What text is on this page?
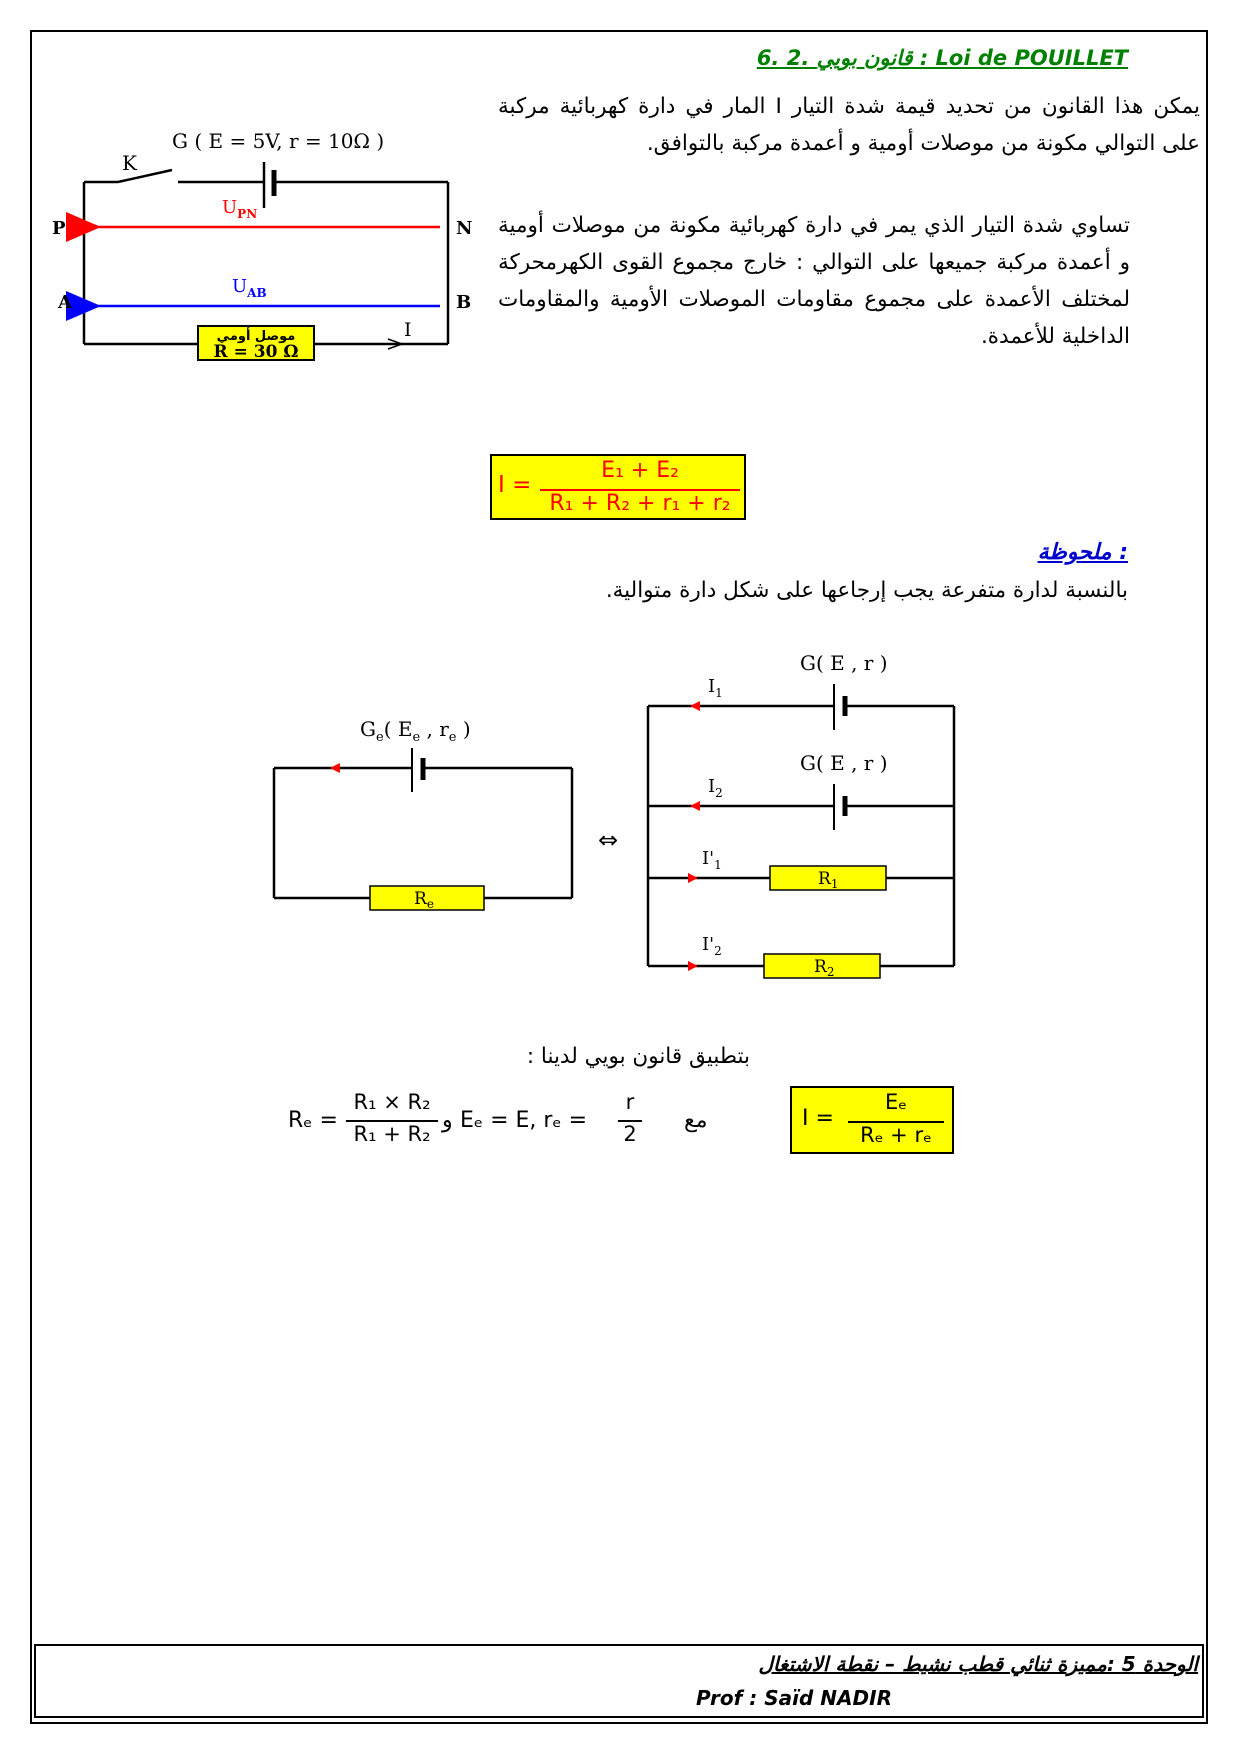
6. 2. قانون بويي : Loi de POUILLET

يمكن هذا القانون من تحديد قيمة شدة التيار I المار في دارة كهربائية مركبة على التوالي مكونة من موصلات أومية و أعمدة مركبة بالتوافق.

تساوي شدة التيار الذي يمر في دارة كهربائية مكونة من موصلات أومية و أعمدة مركبة جميعها على التوالي : خارج مجموع القوى الكهرمحركة لمختلف الأعمدة على مجموع مقاومات الموصلات الأومية والمقاومات الداخلية للأعمدة.

G ( E = 5V, r = 10Ω )
K
موصل أومي
R = 30 Ω
I
$U_{PN}$
$U_{AB}$
P	N
A	B
I =
E₁ + E₂
R₁ + R₂ + r₁ + r₂
ملحوظة :
بالنسبة لدارة متفرعة يجب إرجاعها على شكل دارة متوالية.
$G_e$( $E_e$ , $r_e$ )
$R_e$
⇔
G( E , r )
G( E , r )
$I_1$
$I_2$
$I'_1$
$R_1$
$I'_2$
$R_2$
بتطبيق قانون بويي لدينا :
Rₑ =
R₁ × R₂
R₁ + R₂
و Eₑ = E, rₑ =
r
2
مع	I =
Eₑ
Rₑ + rₑ
الوحدة 5 :مميزة ثنائي قطب نشيط – نقطة الاشتغال
Prof : Saïd NADIR
